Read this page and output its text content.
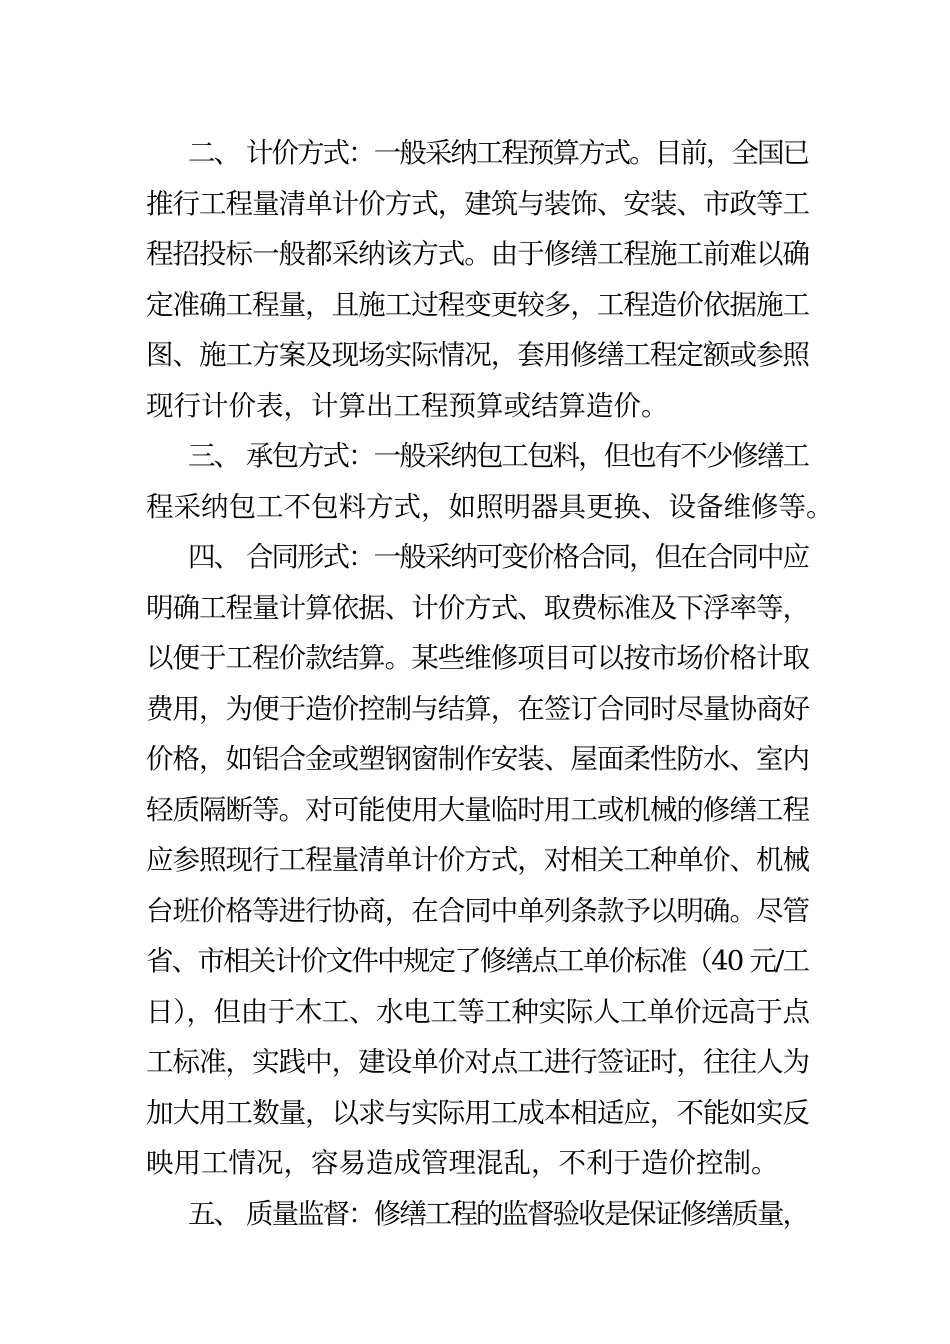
二、 计价方式：一般采纳工程预算方式。目前，全国已
推行工程量清单计价方式，建筑与装饰、安装、市政等工
程招投标一般都采纳该方式。由于修缮工程施工前难以确
定准确工程量，且施工过程变更较多，工程造价依据施工
图、施工方案及现场实际情况，套用修缮工程定额或参照
现行计价表，计算出工程预算或结算造价。
三、 承包方式：一般采纳包工包料，但也有不少修缮工
程采纳包工不包料方式，如照明器具更换、设备维修等。
四、 合同形式：一般采纳可变价格合同，但在合同中应
明确工程量计算依据、计价方式、取费标准及下浮率等，
以便于工程价款结算。某些维修项目可以按市场价格计取
费用，为便于造价控制与结算，在签订合同时尽量协商好
价格，如铝合金或塑钢窗制作安装、屋面柔性防水、室内
轻质隔断等。对可能使用大量临时用工或机械的修缮工程
应参照现行工程量清单计价方式，对相关工种单价、机械
台班价格等进行协商，在合同中单列条款予以明确。尽管
省、市相关计价文件中规定了修缮点工单价标准（40 元/工
日），但由于木工、水电工等工种实际人工单价远高于点
工标准，实践中，建设单价对点工进行签证时，往往人为
加大用工数量，以求与实际用工成本相适应，不能如实反
映用工情况，容易造成管理混乱，不利于造价控制。
五、 质量监督：修缮工程的监督验收是保证修缮质量，
